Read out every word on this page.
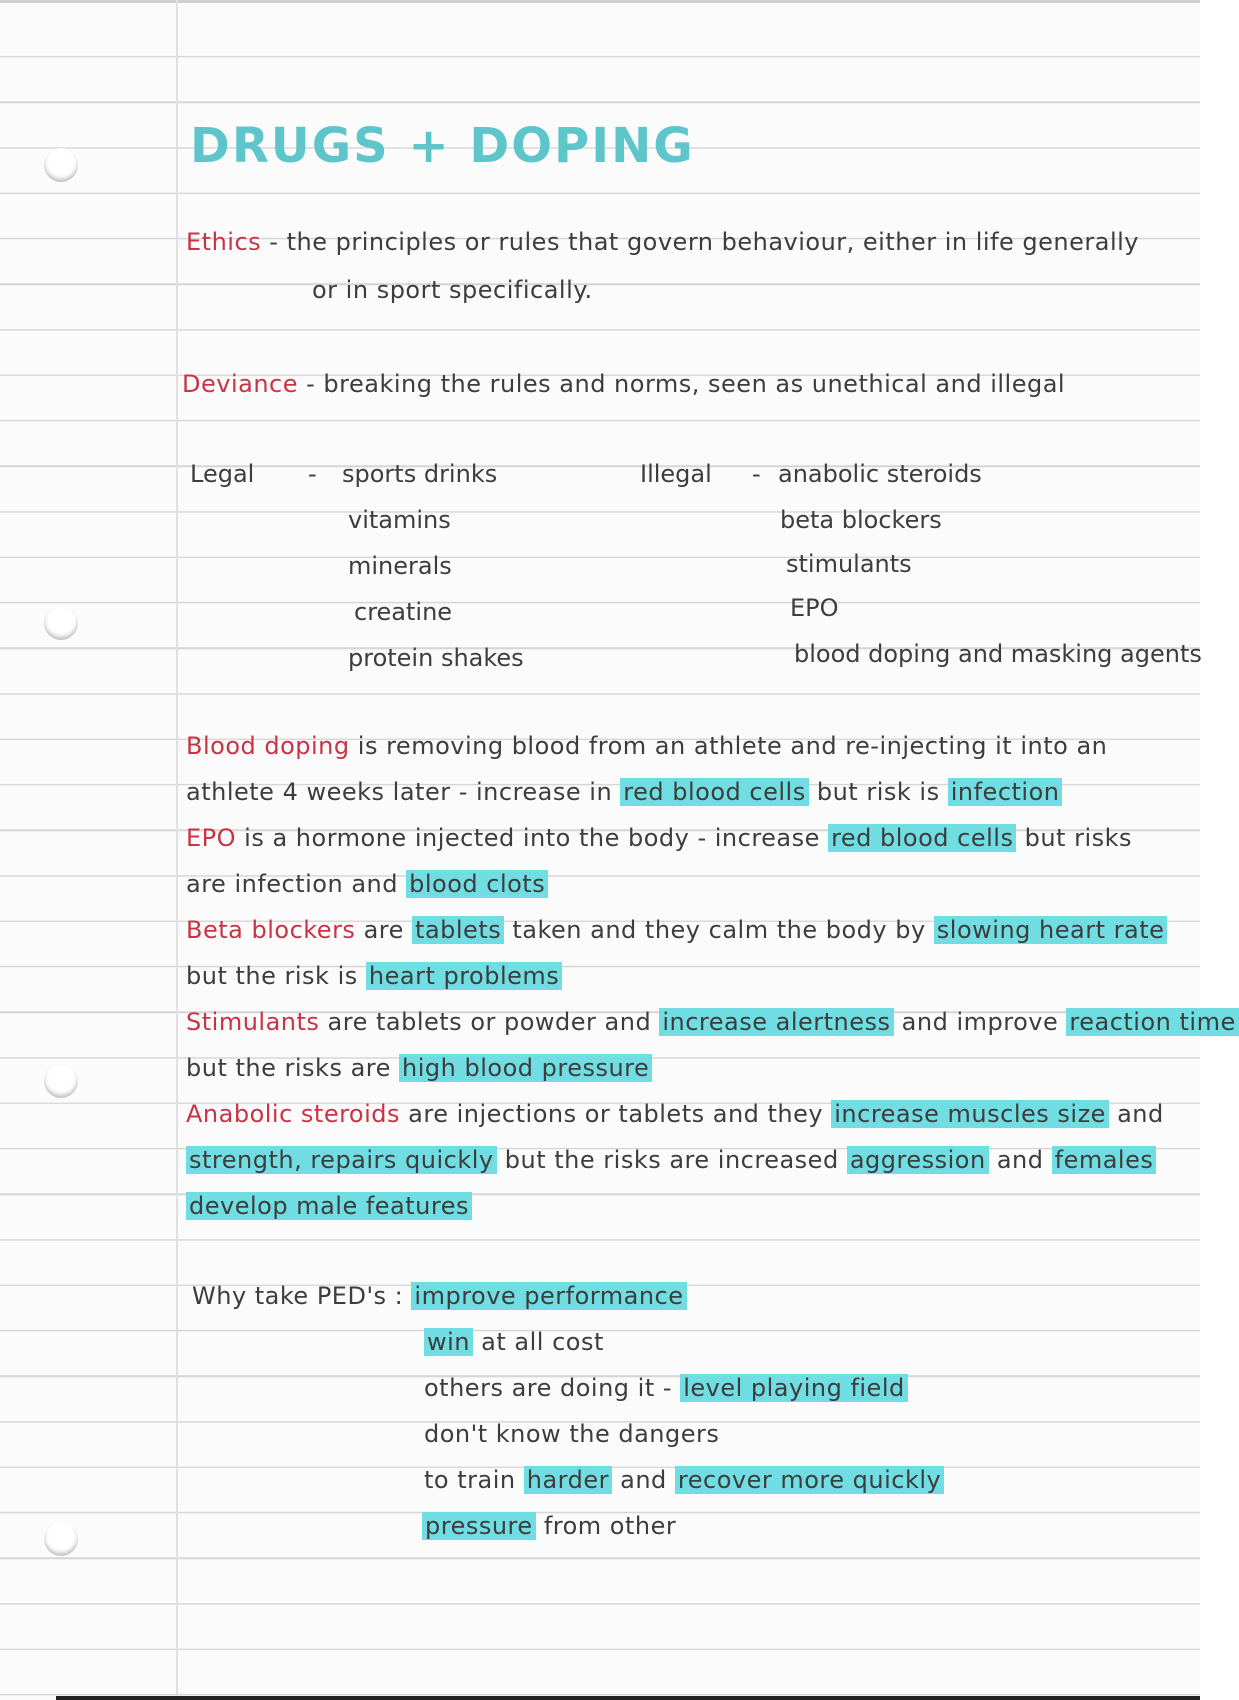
DRUGS + DOPING
Ethics - the principles or rules that govern behaviour, either in life generally
or in sport specifically.
Deviance - breaking the rules and norms, seen as unethical and illegal
Legal - sports drinks
vitamins
minerals
creatine
protein shakes
Illegal - anabolic steroids
beta blockers
stimulants
EPO
blood doping and masking agents
Blood doping is removing blood from an athlete and re-injecting it into an
athlete 4 weeks later - increase in red blood cells but risk is infection
EPO is a hormone injected into the body - increase red blood cells but risks
are infection and blood clots
Beta blockers are tablets taken and they calm the body by slowing heart rate
but the risk is heart problems
Stimulants are tablets or powder and increase alertness and improve reaction time
but the risks are high blood pressure
Anabolic steroids are injections or tablets and they increase muscles size and
strength, repairs quickly but the risks are increased aggression and females
develop male features
Why take PED's : improve performance
win at all cost
others are doing it - level playing field
don't know the dangers
to train harder and recover more quickly
pressure from other
